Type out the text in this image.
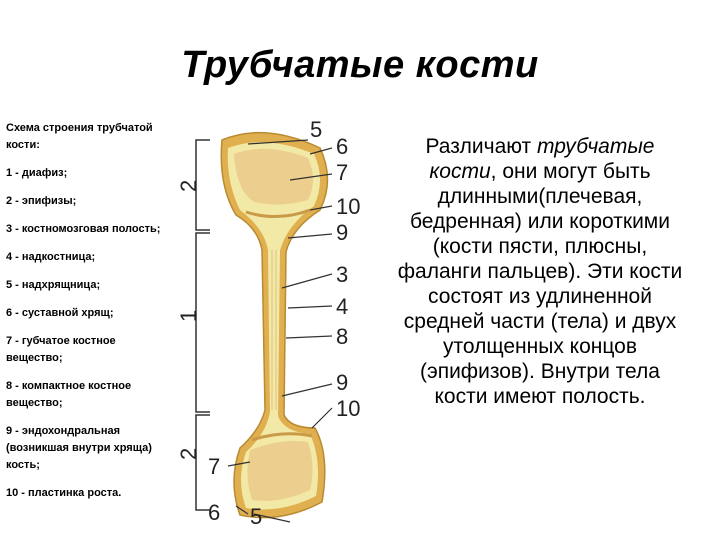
Трубчатые кости
Схема строения трубчатой кости:
1 - диафиз;
2 - эпифизы;
3 - костномозговая полость;
4 - надкостница;
5 - надхрящница;
6 - суставной хрящ;
7 - губчатое костное вещество;
8 - компактное костное вещество;
9 - эндохондральная (возникшая внутри хряща) кость;
10 - пластинка роста.
5
6
7
10
9
3
4
8
9
10
7
6 5
2
1
2
Различают трубчатые кости, они могут быть длинными(плечевая, бедренная) или короткими (кости пясти, плюсны, фаланги пальцев). Эти кости состоят из удлиненной средней части (тела) и двух утолщенных концов (эпифизов). Внутри тела кости имеют полость.
